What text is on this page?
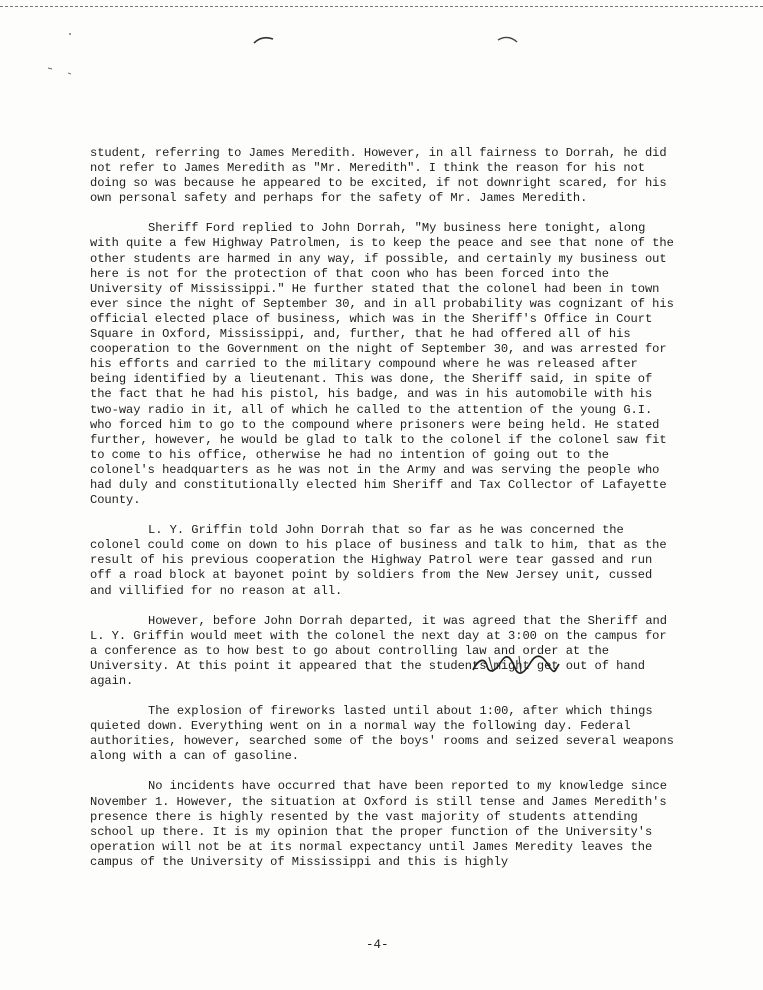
student, referring to James Meredith. However, in all fairness to Dorrah, he did not refer to James Meredith as "Mr. Meredith". I think the reason for his not doing so was because he appeared to be excited, if not downright scared, for his own personal safety and perhaps for the safety of Mr. James Meredith.

Sheriff Ford replied to John Dorrah, "My business here tonight, along with quite a few Highway Patrolmen, is to keep the peace and see that none of the other students are harmed in any way, if possible, and certainly my business out here is not for the protection of that coon who has been forced into the University of Mississippi." He further stated that the colonel had been in town ever since the night of September 30, and in all probability was cognizant of his official elected place of business, which was in the Sheriff's Office in Court Square in Oxford, Mississippi, and, further, that he had offered all of his cooperation to the Government on the night of September 30, and was arrested for his efforts and carried to the military compound where he was released after being identified by a lieutenant. This was done, the Sheriff said, in spite of the fact that he had his pistol, his badge, and was in his automobile with his two-way radio in it, all of which he called to the attention of the young G.I. who forced him to go to the compound where prisoners were being held. He stated further, however, he would be glad to talk to the colonel if the colonel saw fit to come to his office, otherwise he had no intention of going out to the colonel's headquarters as he was not in the Army and was serving the people who had duly and constitutionally elected him Sheriff and Tax Collector of Lafayette County.

L. Y. Griffin told John Dorrah that so far as he was concerned the colonel could come on down to his place of business and talk to him, that as the result of his previous cooperation the Highway Patrol were tear gassed and run off a road block at bayonet point by soldiers from the New Jersey unit, cussed and villified for no reason at all.

However, before John Dorrah departed, it was agreed that the Sheriff and L. Y. Griffin would meet with the colonel the next day at 3:00 on the campus for a conference as to how best to go about controlling law and order at the University. At this point it appeared that the students might get out of hand again.

The explosion of fireworks lasted until about 1:00, after which things quieted down. Everything went on in a normal way the following day. Federal authorities, however, searched some of the boys' rooms and seized several weapons along with a can of gasoline.

No incidents have occurred that have been reported to my knowledge since November 1. However, the situation at Oxford is still tense and James Meredith's presence there is highly resented by the vast majority of students attending school up there. It is my opinion that the proper function of the University's operation will not be at its normal expectancy until James Meredity leaves the campus of the University of Mississippi and this is highly

-4-
